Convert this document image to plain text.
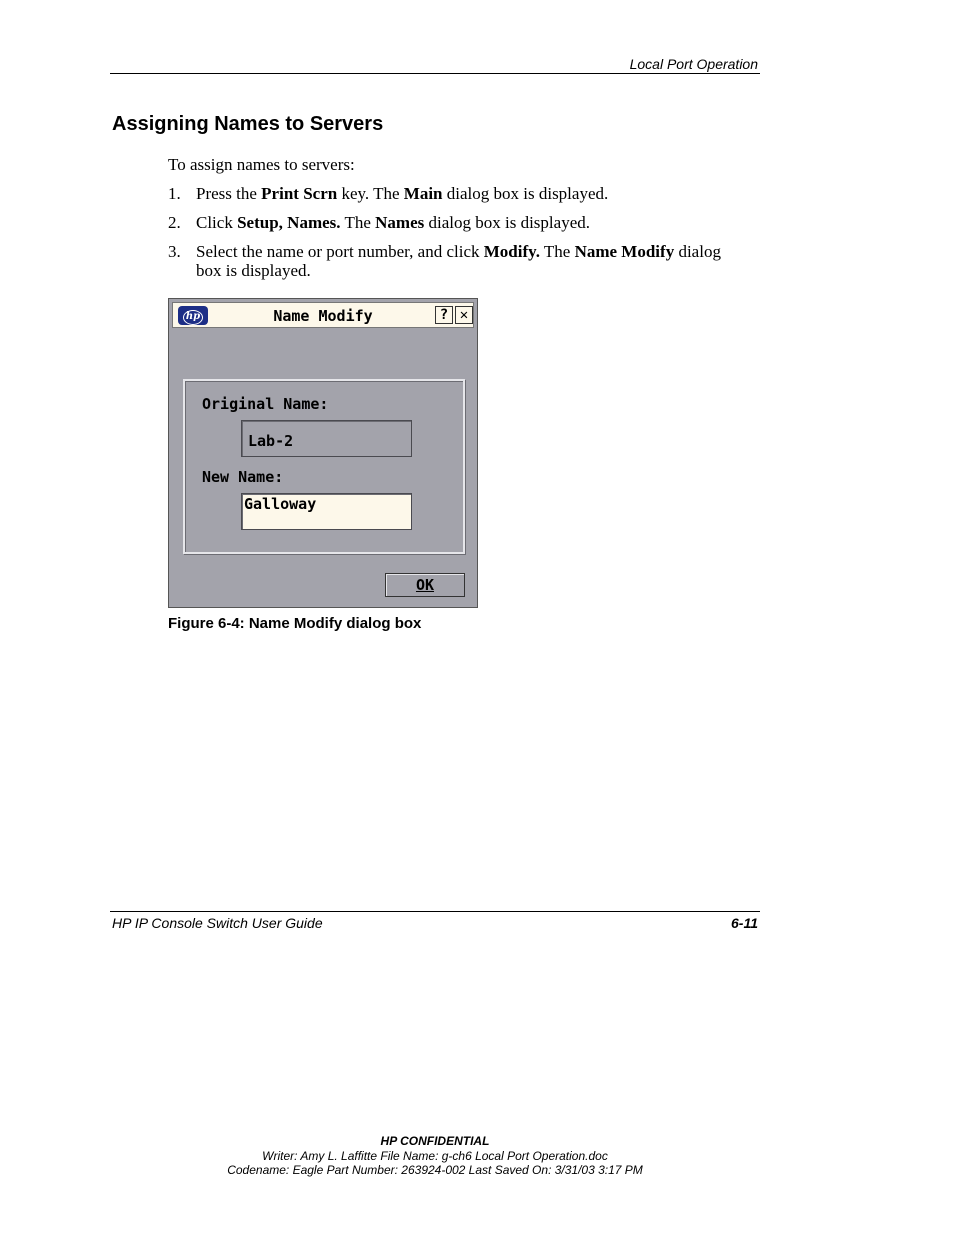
Local Port Operation
Assigning Names to Servers
To assign names to servers:
1. Press the Print Scrn key. The Main dialog box is displayed.
2. Click Setup, Names. The Names dialog box is displayed.
3. Select the name or port number, and click Modify. The Name Modify dialog box is displayed.
hp	Name Modify	? ✕
Original Name:
Lab-2
New Name:
Galloway
OK
Figure 6-4: Name Modify dialog box
HP IP Console Switch User Guide	6-11
HP CONFIDENTIAL
Writer: Amy L. Laffitte File Name: g-ch6 Local Port Operation.doc
Codename: Eagle Part Number: 263924-002 Last Saved On: 3/31/03 3:17 PM
